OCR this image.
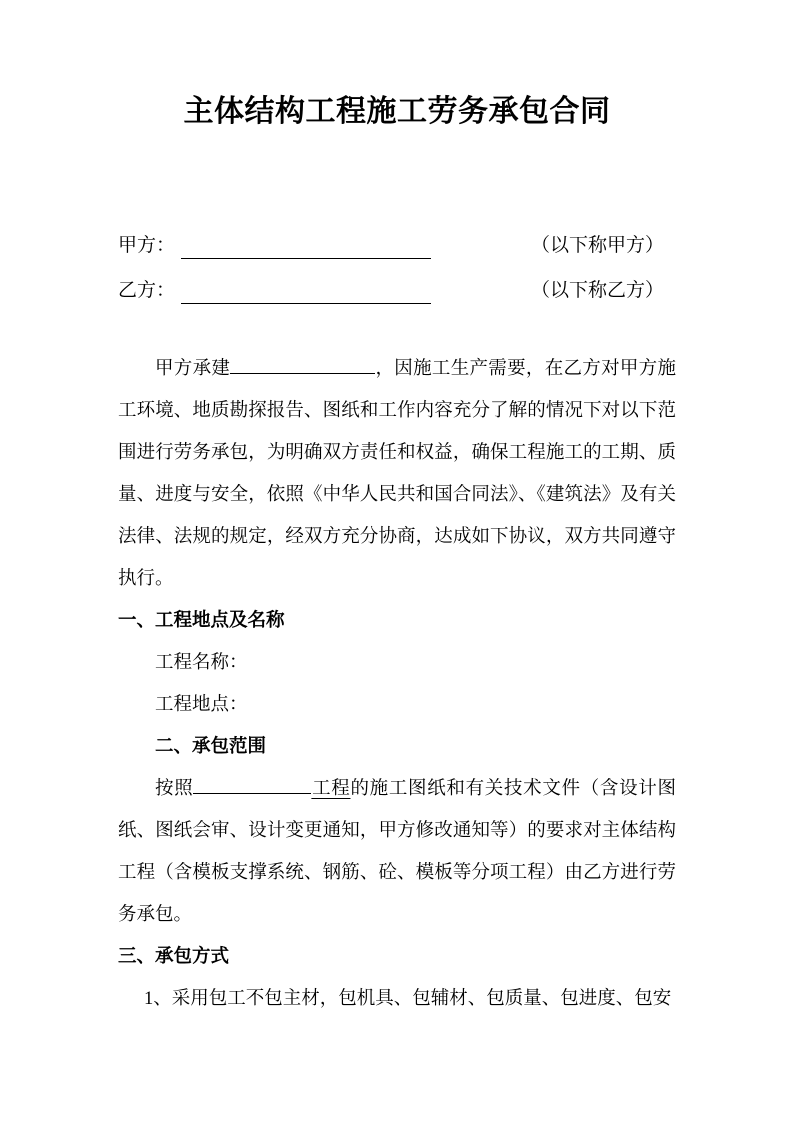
主体结构工程施工劳务承包合同
甲方：	（以下称甲方）
乙方：	（以下称乙方）

甲方承建	，因施工生产需要，在乙方对甲方施工环境、地质勘探报告、图纸和工作内容充分了解的情况下对以下范围进行劳务承包，为明确双方责任和权益，确保工程施工的工期、质量、进度与安全，依照《中华人民共和国合同法》、《建筑法》及有关法律、法规的规定，经双方充分协商，达成如下协议，双方共同遵守执行。

一、工程地点及名称

工程名称：

工程地点：

二、承包范围

按照	工程的施工图纸和有关技术文件（含设计图纸、图纸会审、设计变更通知，甲方修改通知等）的要求对主体结构工程（含模板支撑系统、钢筋、砼、模板等分项工程）由乙方进行劳务承包。

三、承包方式

1、采用包工不包主材，包机具、包辅材、包质量、包进度、包安
